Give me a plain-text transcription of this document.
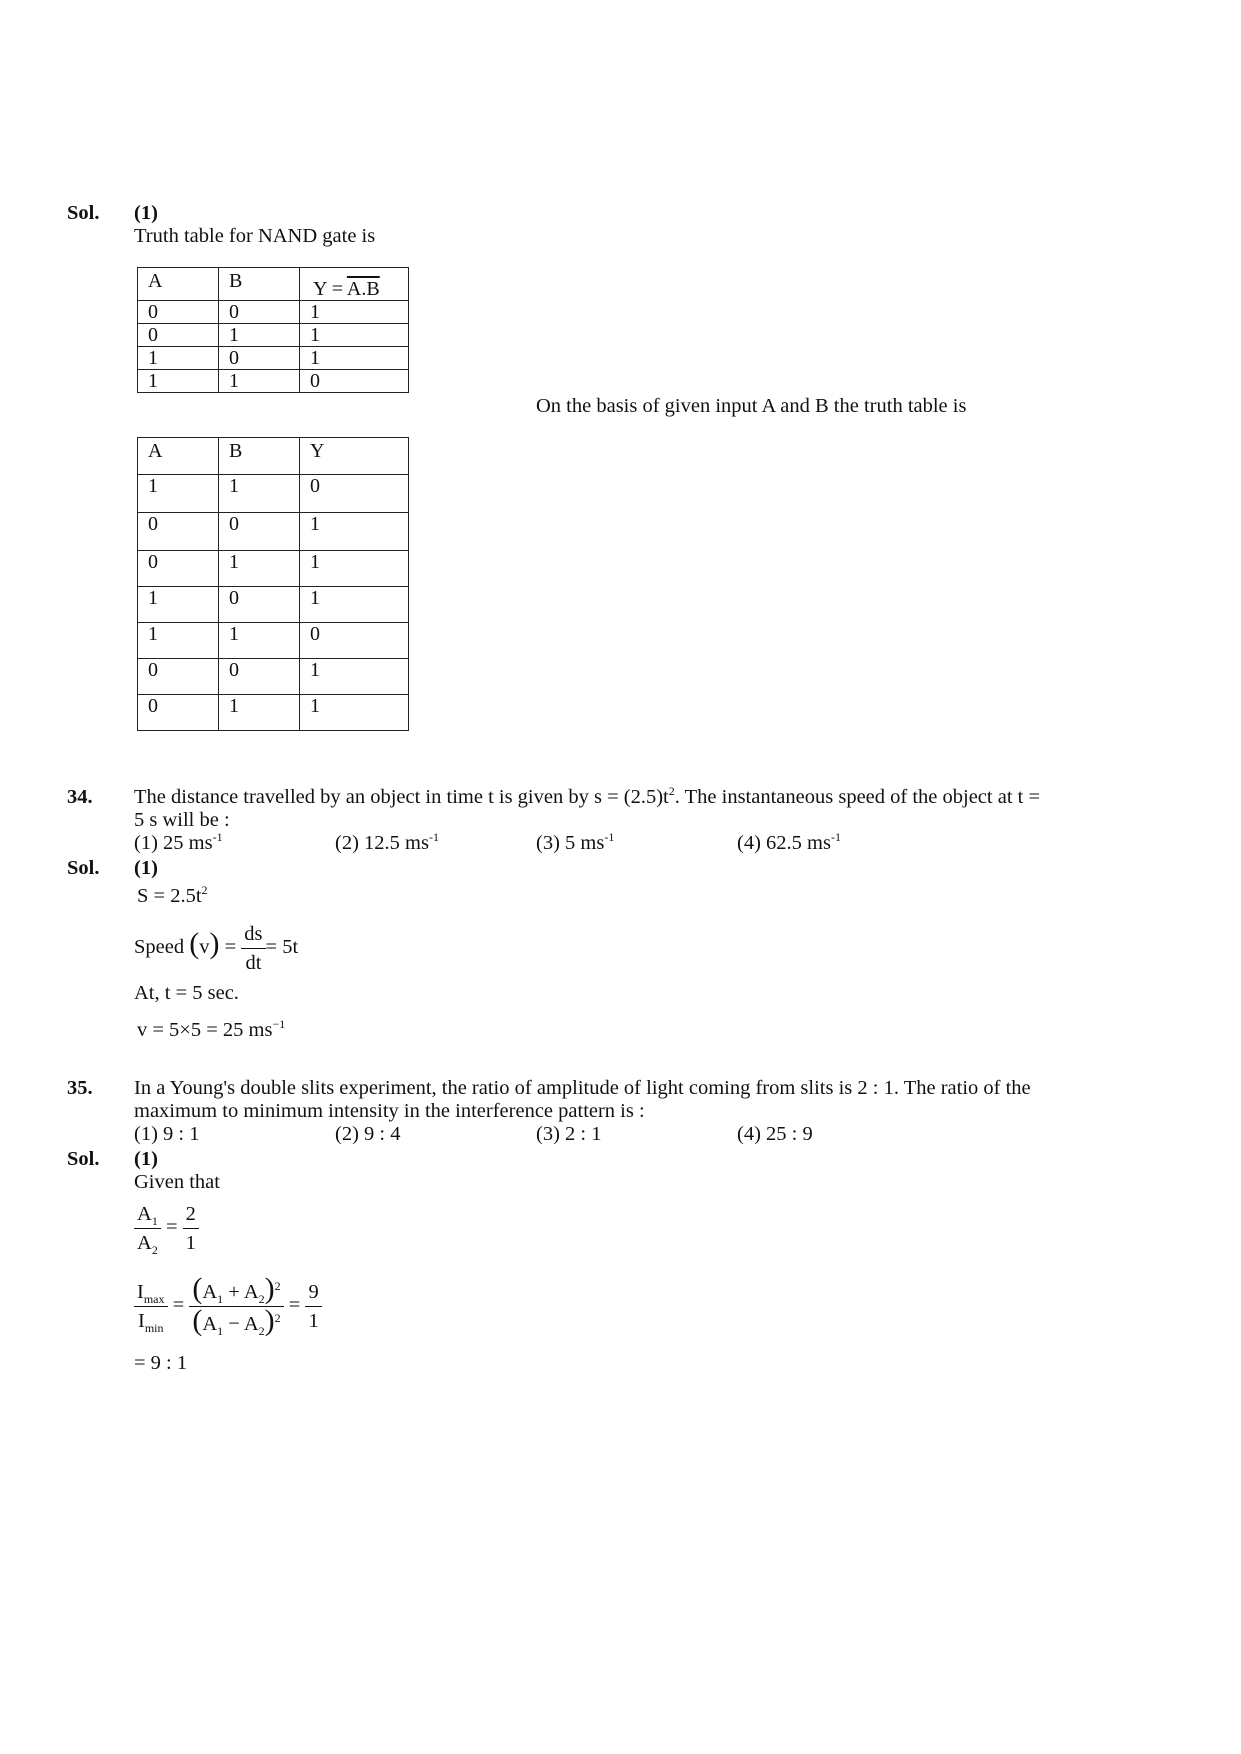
Sol. (1)
Truth table for NAND gate is
A	B	Y = A.B
0	0	1
0	1	1
1	0	1
1	1	0
On the basis of given input A and B the truth table is
A	B	Y
1	1	0
0	0	1
0	1	1
1	0	1
1	1	0
0	0	1
0	1	1
34. The distance travelled by an object in time t is given by $s = (2.5)t^2$. The instantaneous speed of the object at t =
5 s will be :
(1) 25 $ms^{-1}$	(2) 12.5 $ms^{-1}$	(3) 5 $ms^{-1}$	(4) 62.5 $ms^{-1}$
Sol. (1)
$S = 2.5t^2$
Speed $(v) = \frac{ds}{dt} = 5t$
At, t = 5 sec.
v = 5×5 = 25 $ms^{-1}$
35. In a Young's double slits experiment, the ratio of amplitude of light coming from slits is 2 : 1. The ratio of the
maximum to minimum intensity in the interference pattern is :
(1) 9 : 1	(2) 9 : 4	(3) 2 : 1	(4) 25 : 9
Sol. (1)
Given that
$\frac{A_1}{A_2} = \frac{2}{1}$
$\frac{I_{max}}{I_{min}} = \frac{(A_1 + A_2)^2}{(A_1 - A_2)^2} = \frac{9}{1}$
= 9 : 1
